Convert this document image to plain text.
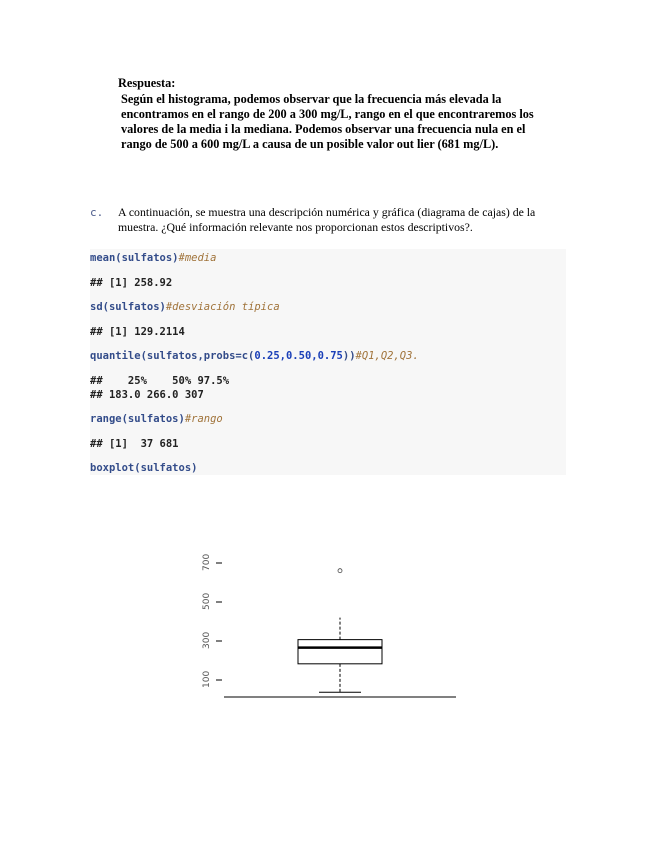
Respuesta:
Según el histograma, podemos observar que la frecuencia más elevada la encontramos en el rango de 200 a 300 mg/L, rango en el que encontraremos los valores de la media i la mediana. Podemos observar una frecuencia nula en el rango de 500 a 600 mg/L a causa de un posible valor out lier (681 mg/L).
c. A continuación, se muestra una descripción numérica y gráfica (diagrama de cajas) de la muestra. ¿Qué información relevante nos proporcionan estos descriptivos?.
mean(sulfatos)#media
## [1] 258.92
sd(sulfatos)#desviación típica
## [1] 129.2114
quantile(sulfatos,probs=c(0.25,0.50,0.75))#Q1,Q2,Q3.
##    25%    50% 97.5%
## 183.0 266.0 307
range(sulfatos)#rango
## [1]  37 681
boxplot(sulfatos)
100
300
500
700
